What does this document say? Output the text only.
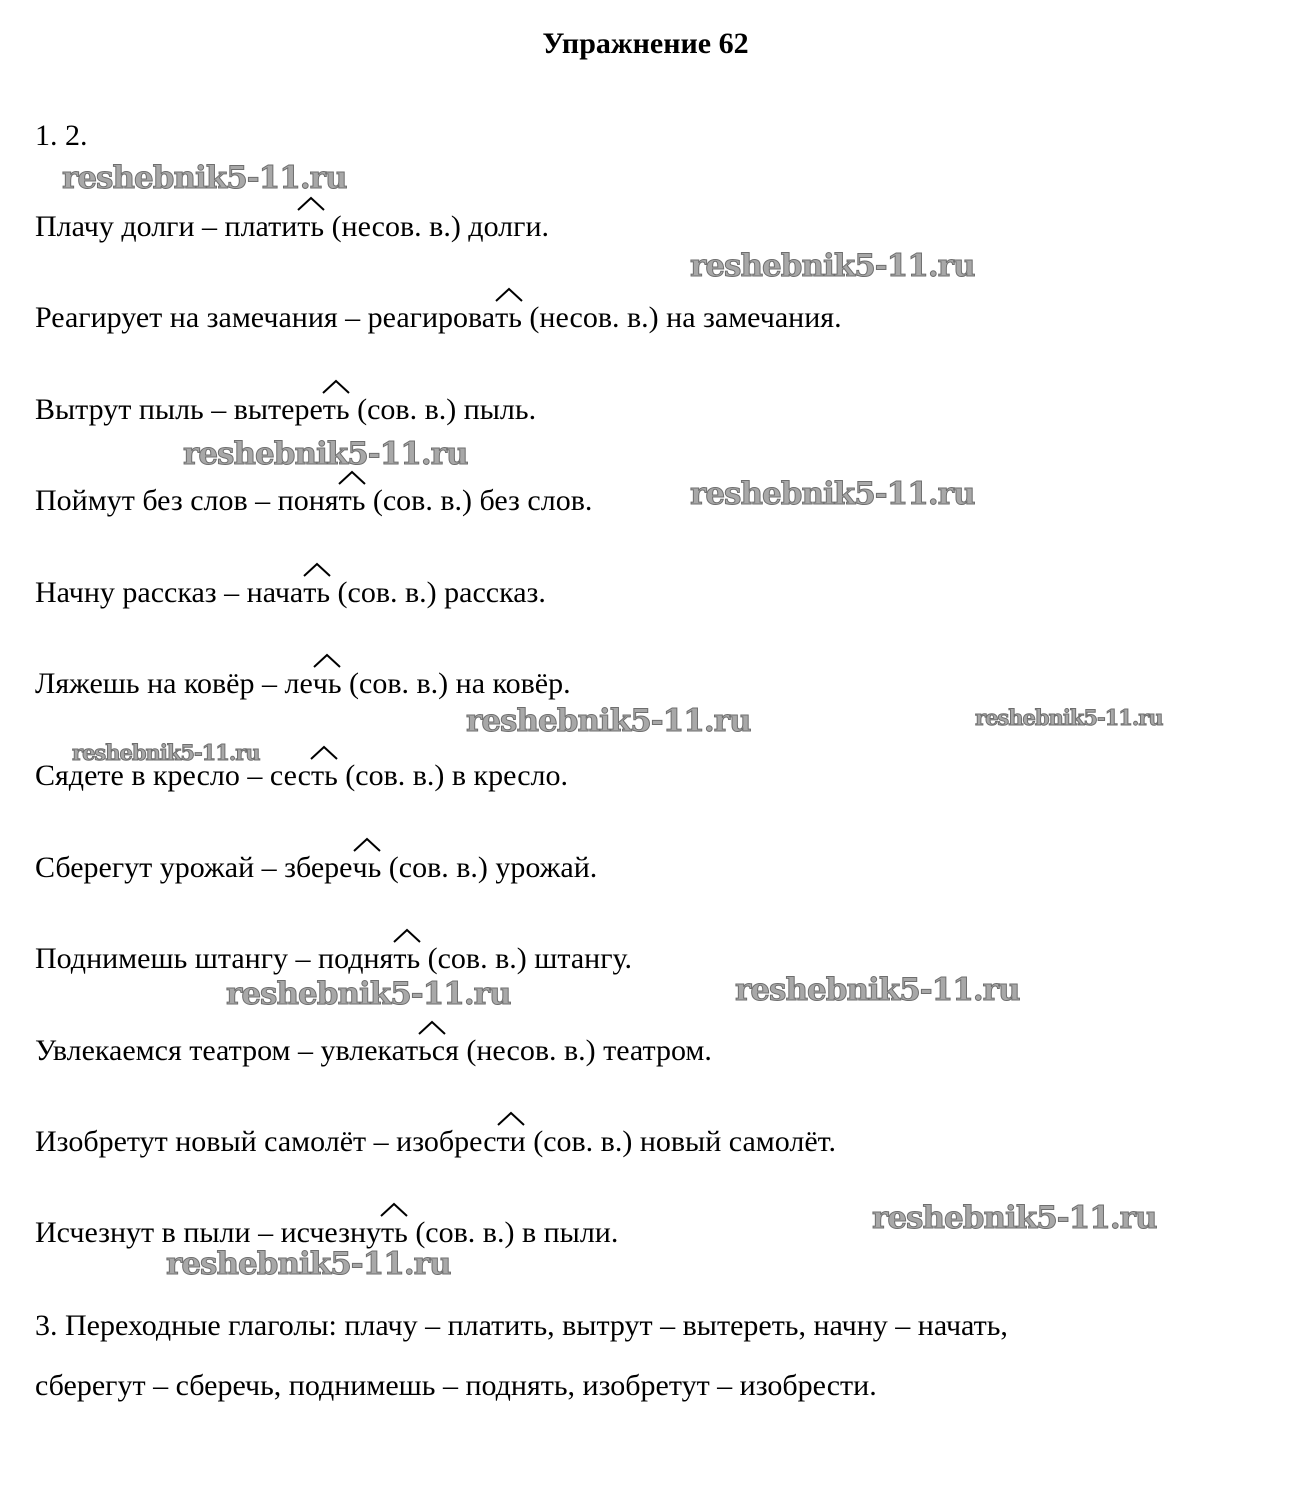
Упражнение 62
1. 2.
Плачу долги – платить
(несов. в.) долги.
Реагирует на замечания – реагировать
(несов. в.) на замечания.
Вытрут пыль – вытереть
(сов. в.) пыль.
Поймут без слов – понять
(сов. в.) без слов.
Начну рассказ – начать
(сов. в.) рассказ.
Ляжешь на ковёр – лечь
(сов. в.) на ковёр.
Сядете в кресло – сесть
(сов. в.) в кресло.
Сберегут урожай – зберечь
(сов. в.) урожай.
Поднимешь штангу – поднять
(сов. в.) штангу.
Увлекаемся театром – увлекаться
(несов. в.) театром.
Изобретут новый самолёт – изобрести
(сов. в.) новый самолёт.
Исчезнут в пыли – исчезнуть
(сов. в.) в пыли.
3. Переходные глаголы: плачу – платить, вытрут – вытереть, начну – начать,
сберегут – сберечь, поднимешь – поднять, изобретут – изобрести.
reshebnik5-11.ru
reshebnik5-11.ru
reshebnik5-11.ru
reshebnik5-11.ru
reshebnik5-11.ru	reshebnik5-11.ru
reshebnik5-11.ru
reshebnik5-11.ru	reshebnik5-11.ru
reshebnik5-11.ru
reshebnik5-11.ru
